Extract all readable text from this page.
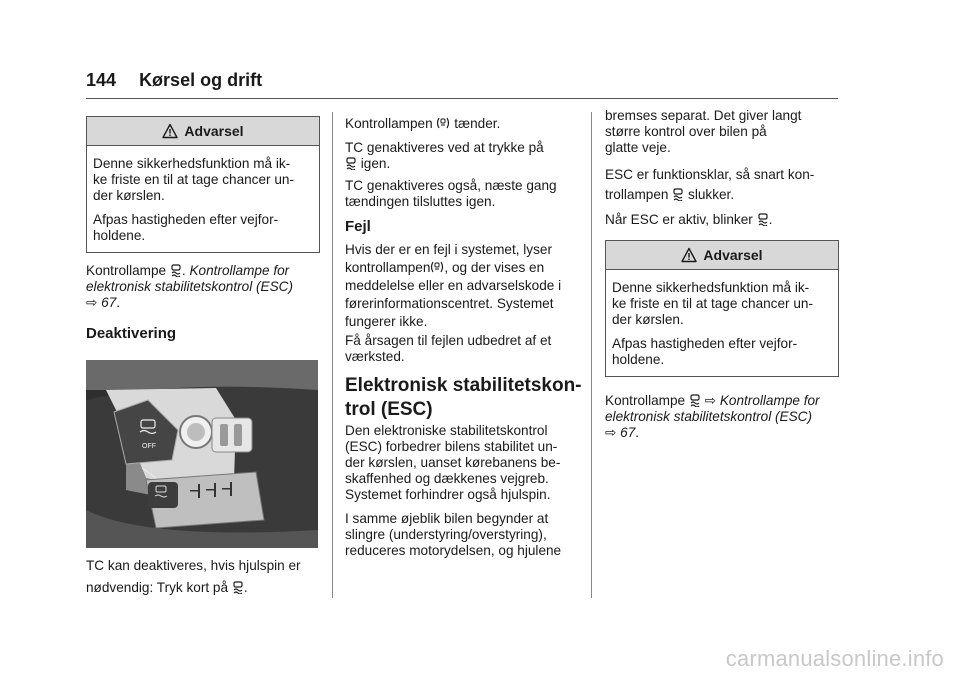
144 Kørsel og drift
Advarsel

Denne sikkerhedsfunktion må ik-
ke friste en til at tage chancer un-
der kørslen.

Afpas hastigheden efter vejfor-
holdene.

Kontrollampe . Kontrollampe for
elektronisk stabilitetskontrol (ESC)
⇨ 67.
Deaktivering
OFF
TC kan deaktiveres, hvis hjulspin er
nødvendig: Tryk kort på .
Kontrollampen tænder.
TC genaktiveres ved at trykke på
igen.
TC genaktiveres også, næste gang
tændingen tilsluttes igen.
Fejl
Hvis der er en fejl i systemet, lyser
kontrollampen , og der vises en
meddelelse eller en advarselskode i
førerinformationscentret. Systemet
fungerer ikke.
Få årsagen til fejlen udbedret af et
værksted.
Elektronisk stabilitetskon-
trol (ESC)
Den elektroniske stabilitetskontrol
(ESC) forbedrer bilens stabilitet un-
der kørslen, uanset kørebanens be-
skaffenhed og dækkenes vejgreb.
Systemet forhindrer også hjulspin.
I samme øjeblik bilen begynder at
slingre (understyring/overstyring),
reduceres motorydelsen, og hjulene
bremses separat. Det giver langt
større kontrol over bilen på
glatte veje.
ESC er funktionsklar, så snart kon-
trollampen slukker.
Når ESC er aktiv, blinker .
Advarsel

Denne sikkerhedsfunktion må ik-
ke friste en til at tage chancer un-
der kørslen.

Afpas hastigheden efter vejfor-
holdene.

Kontrollampe ⇨ Kontrollampe for
elektronisk stabilitetskontrol (ESC)
⇨ 67.
carmanualsonline.info
